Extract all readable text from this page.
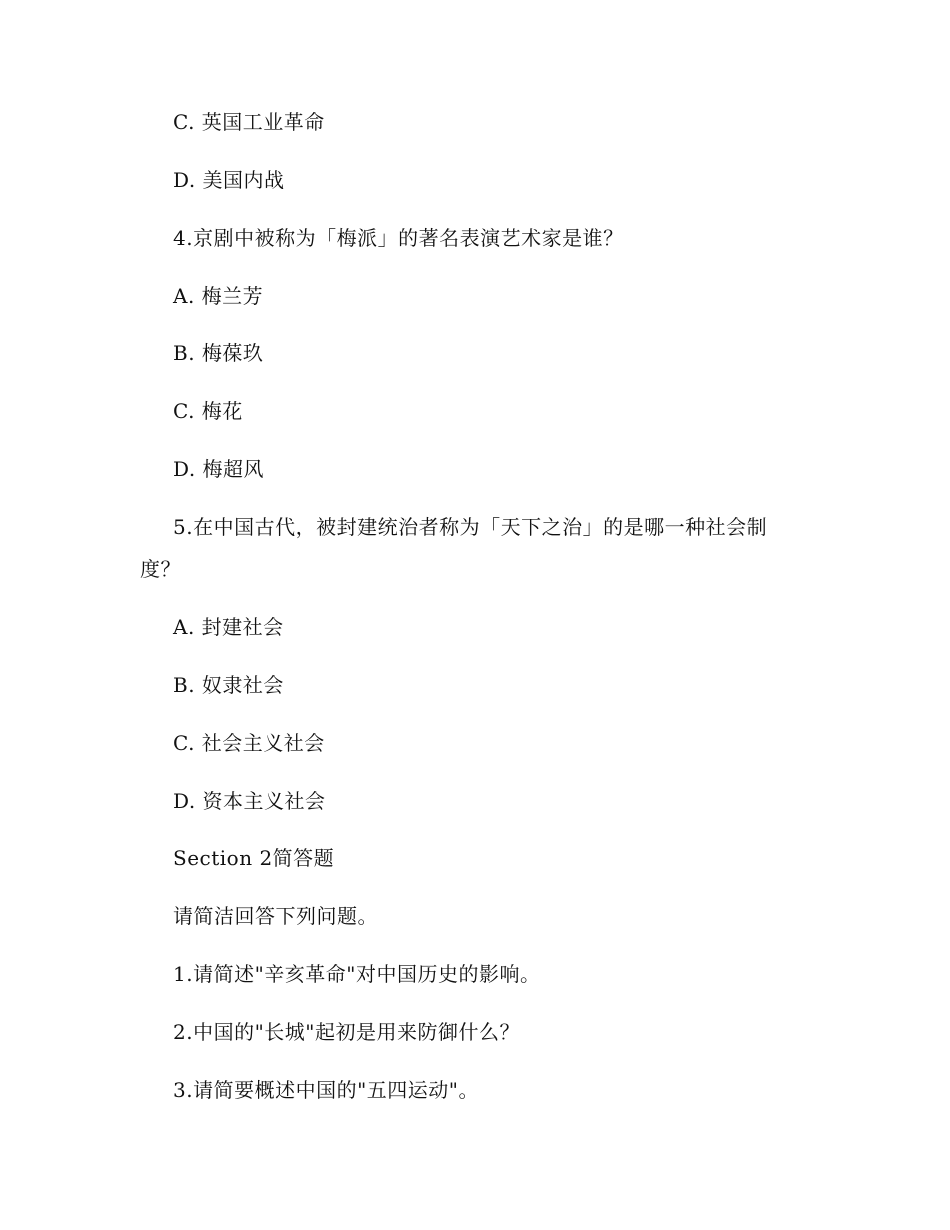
C. 英国工业革命
D. 美国内战
4.京剧中被称为「梅派」的著名表演艺术家是谁？
A. 梅兰芳
B. 梅葆玖
C. 梅花
D. 梅超风
5.在中国古代，被封建统治者称为「天下之治」的是哪一种社会制
度？
A. 封建社会
B. 奴隶社会
C. 社会主义社会
D. 资本主义社会
Section 2简答题
请简洁回答下列问题。
1.请简述"辛亥革命"对中国历史的影响。
2.中国的"长城"起初是用来防御什么？
3.请简要概述中国的"五四运动"。
